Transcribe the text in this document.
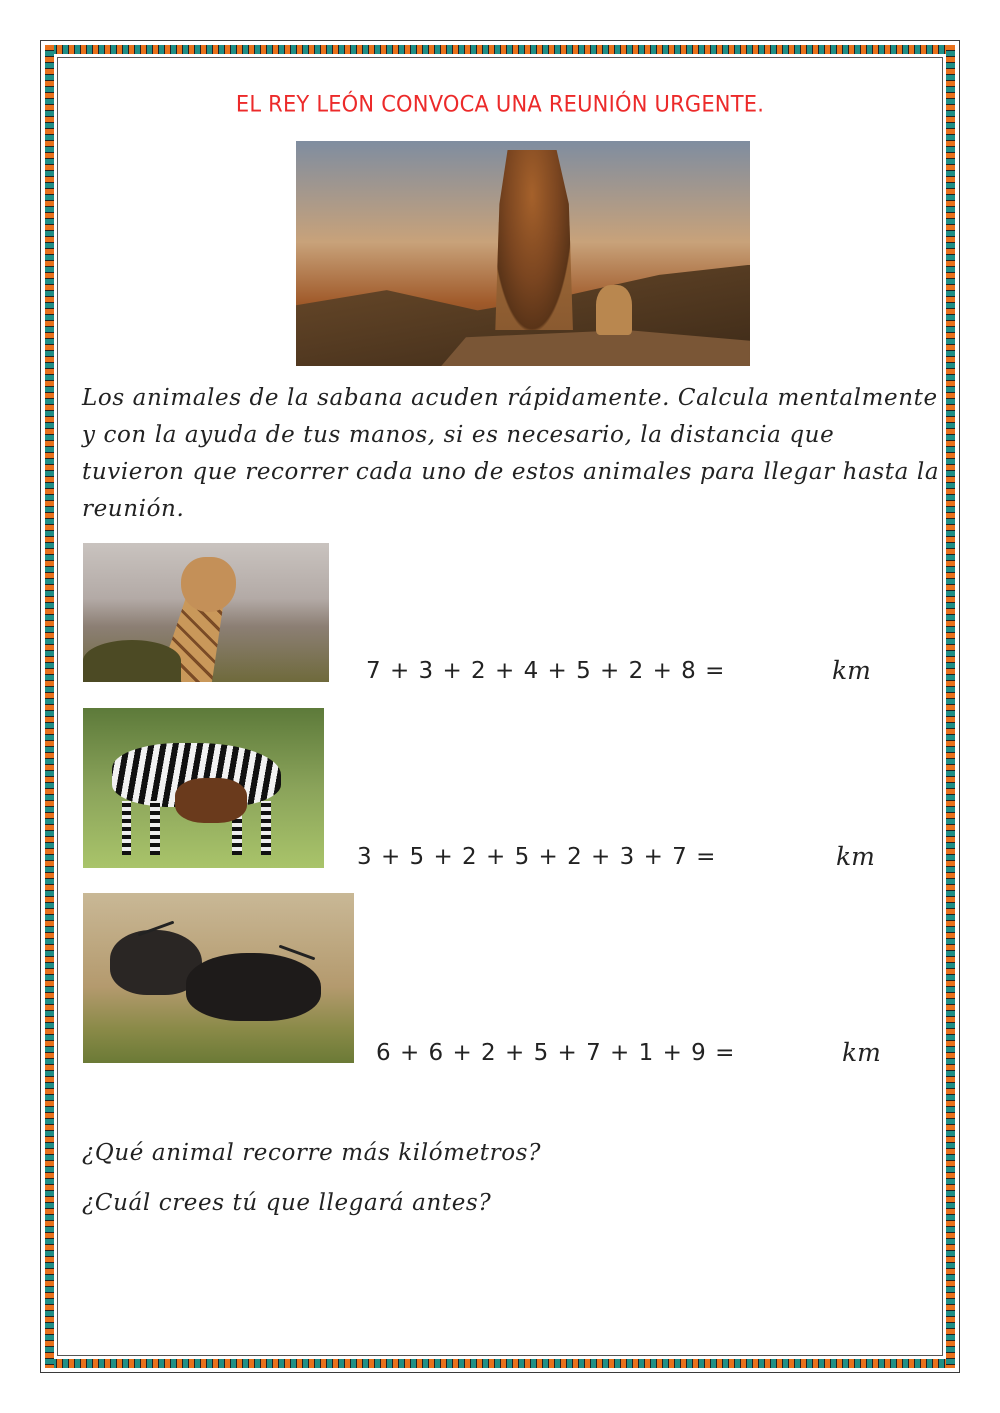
EL REY LEÓN CONVOCA UNA REUNIÓN URGENTE.
Los animales de la sabana acuden rápidamente. Calcula mentalmente y con la ayuda de tus manos, si es necesario, la distancia que tuvieron que recorrer cada uno de estos animales para llegar hasta la reunión.
7 + 3 + 2 + 4 + 5 + 2 + 8 =	km
3 + 5 + 2 + 5 + 2 + 3 + 7 =	km
6 + 6 + 2 + 5 + 7 + 1 + 9 =	km
¿Qué animal recorre más kilómetros?
¿Cuál crees tú que llegará antes?
